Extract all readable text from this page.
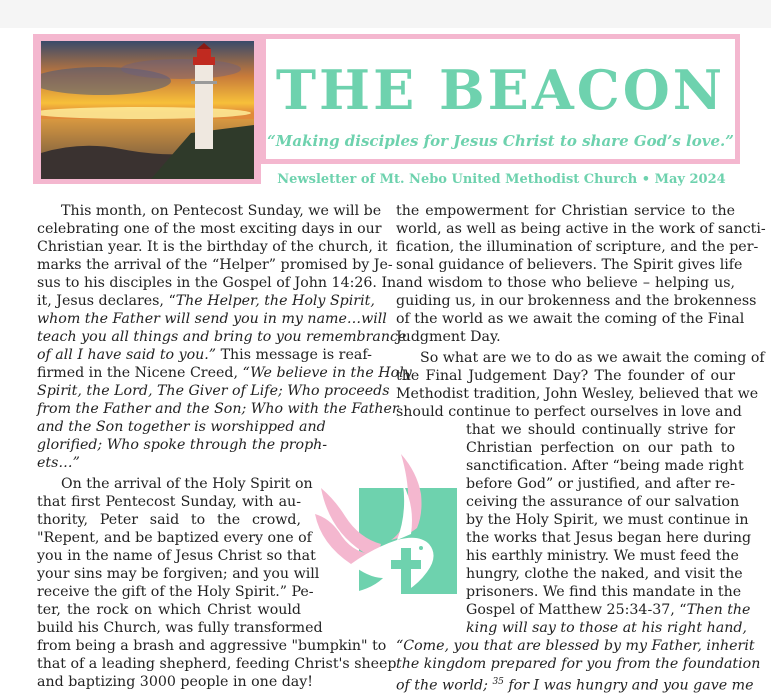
THE BEACON
“Making disciples for Jesus Christ to share God’s love.”
Newsletter of Mt. Nebo United Methodist Church • May 2024
This month, on Pentecost Sunday, we will be
celebrating one of the most exciting days in our
Christian year. It is the birthday of the church, it
marks the arrival of the “Helper” promised by Je-
sus to his disciples in the Gospel of John 14:26. In
it, Jesus declares, “The Helper, the Holy Spirit,
whom the Father will send you in my name…will
teach you all things and bring to you remembrance
of all I have said to you.” This message is reaf-
firmed in the Nicene Creed, “We believe in the Holy
Spirit, the Lord, The Giver of Life; Who proceeds
from the Father and the Son; Who with the Father
and the Son together is worshipped and
glorified; Who spoke through the proph-
ets…”
On the arrival of the Holy Spirit on
that first Pentecost Sunday, with au-
thority, Peter said to the crowd,
"Repent, and be baptized every one of
you in the name of Jesus Christ so that
your sins may be forgiven; and you will
receive the gift of the Holy Spirit.” Pe-
ter, the rock on which Christ would
build his Church, was fully transformed
from being a brash and aggressive "bumpkin" to
that of a leading shepherd, feeding Christ's sheep
and baptizing 3000 people in one day!
the empowerment for Christian service to the
world, as well as being active in the work of sancti-
fication, the illumination of scripture, and the per-
sonal guidance of believers. The Spirit gives life
and wisdom to those who believe – helping us,
guiding us, in our brokenness and the brokenness
of the world as we await the coming of the Final
Judgment Day.
So what are we to do as we await the coming of
the Final Judgement Day? The founder of our
Methodist tradition, John Wesley, believed that we
should continue to perfect ourselves in love and
that we should continually strive for
Christian perfection on our path to
sanctification. After “being made right
before God” or justified, and after re-
ceiving the assurance of our salvation
by the Holy Spirit, we must continue in
the works that Jesus began here during
his earthly ministry. We must feed the
hungry, clothe the naked, and visit the
prisoners. We find this mandate in the
Gospel of Matthew 25:34-37, “Then the
king will say to those at his right hand,
“Come, you that are blessed by my Father, inherit
the kingdom prepared for you from the foundation
of the world; $^{35}$ for I was hungry and you gave me
